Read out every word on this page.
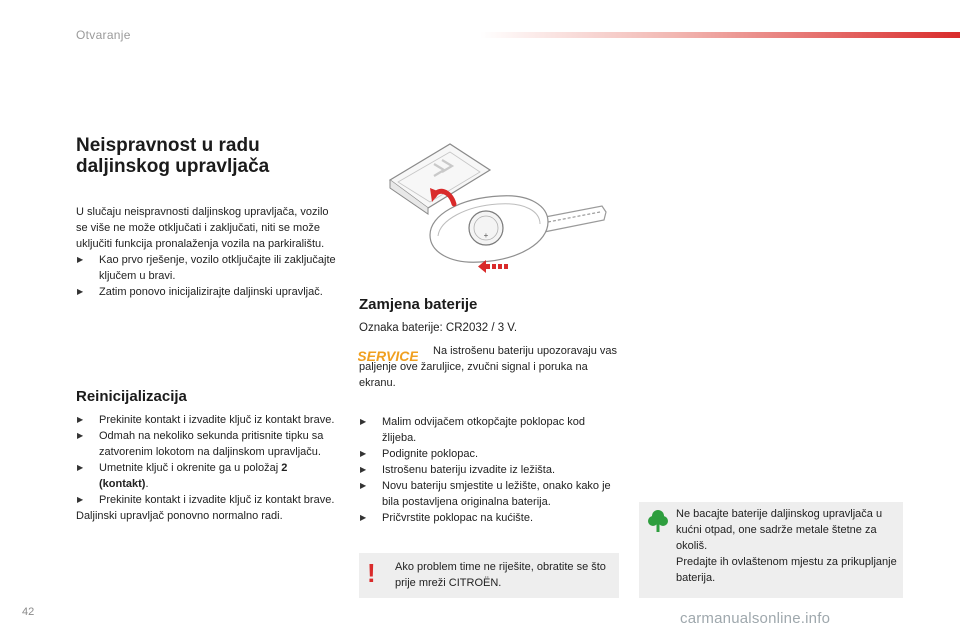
Otvaranje
Neispravnost u radu
daljinskog upravljača
U slučaju neispravnosti daljinskog upravljača, vozilo se više ne može otključati i zaključati, niti se može uključiti funkcija pronalaženja vozila na parkiralištu.
▶ Kao prvo rješenje, vozilo otključajte ili zaključajte ključem u bravi.
▶ Zatim ponovo inicijalizirajte daljinski upravljač.
Reinicijalizacija
▶ Prekinite kontakt i izvadite ključ iz kontakt brave.
▶ Odmah na nekoliko sekunda pritisnite tipku sa zatvorenim lokotom na daljinskom upravljaču.
▶ Umetnite ključ i okrenite ga u položaj 2 (kontakt).
▶ Prekinite kontakt i izvadite ključ iz kontakt brave.
Daljinski upravljač ponovno normalno radi.
+
Zamjena baterije
Oznaka baterije: CR2032 / 3 V.
SERVICE	Na istrošenu bateriju upozoravaju vas paljenje ove žaruljice, zvučni signal i poruka na ekranu.
▶ Malim odvijačem otkopčajte poklopac kod žlijeba.
▶ Podignite poklopac.
▶ Istrošenu bateriju izvadite iz ležišta.
▶ Novu bateriju smjestite u ležište, onako kako je bila postavljena originalna baterija.
▶ Pričvrstite poklopac na kućište.
! Ako problem time ne riješite, obratite se što prije mreži CITROËN.
Ne bacajte baterije daljinskog upravljača u kućni otpad, one sadrže metale štetne za okoliš.
Predajte ih ovlaštenom mjestu za prikupljanje baterija.
42	carmanualsonline.info
